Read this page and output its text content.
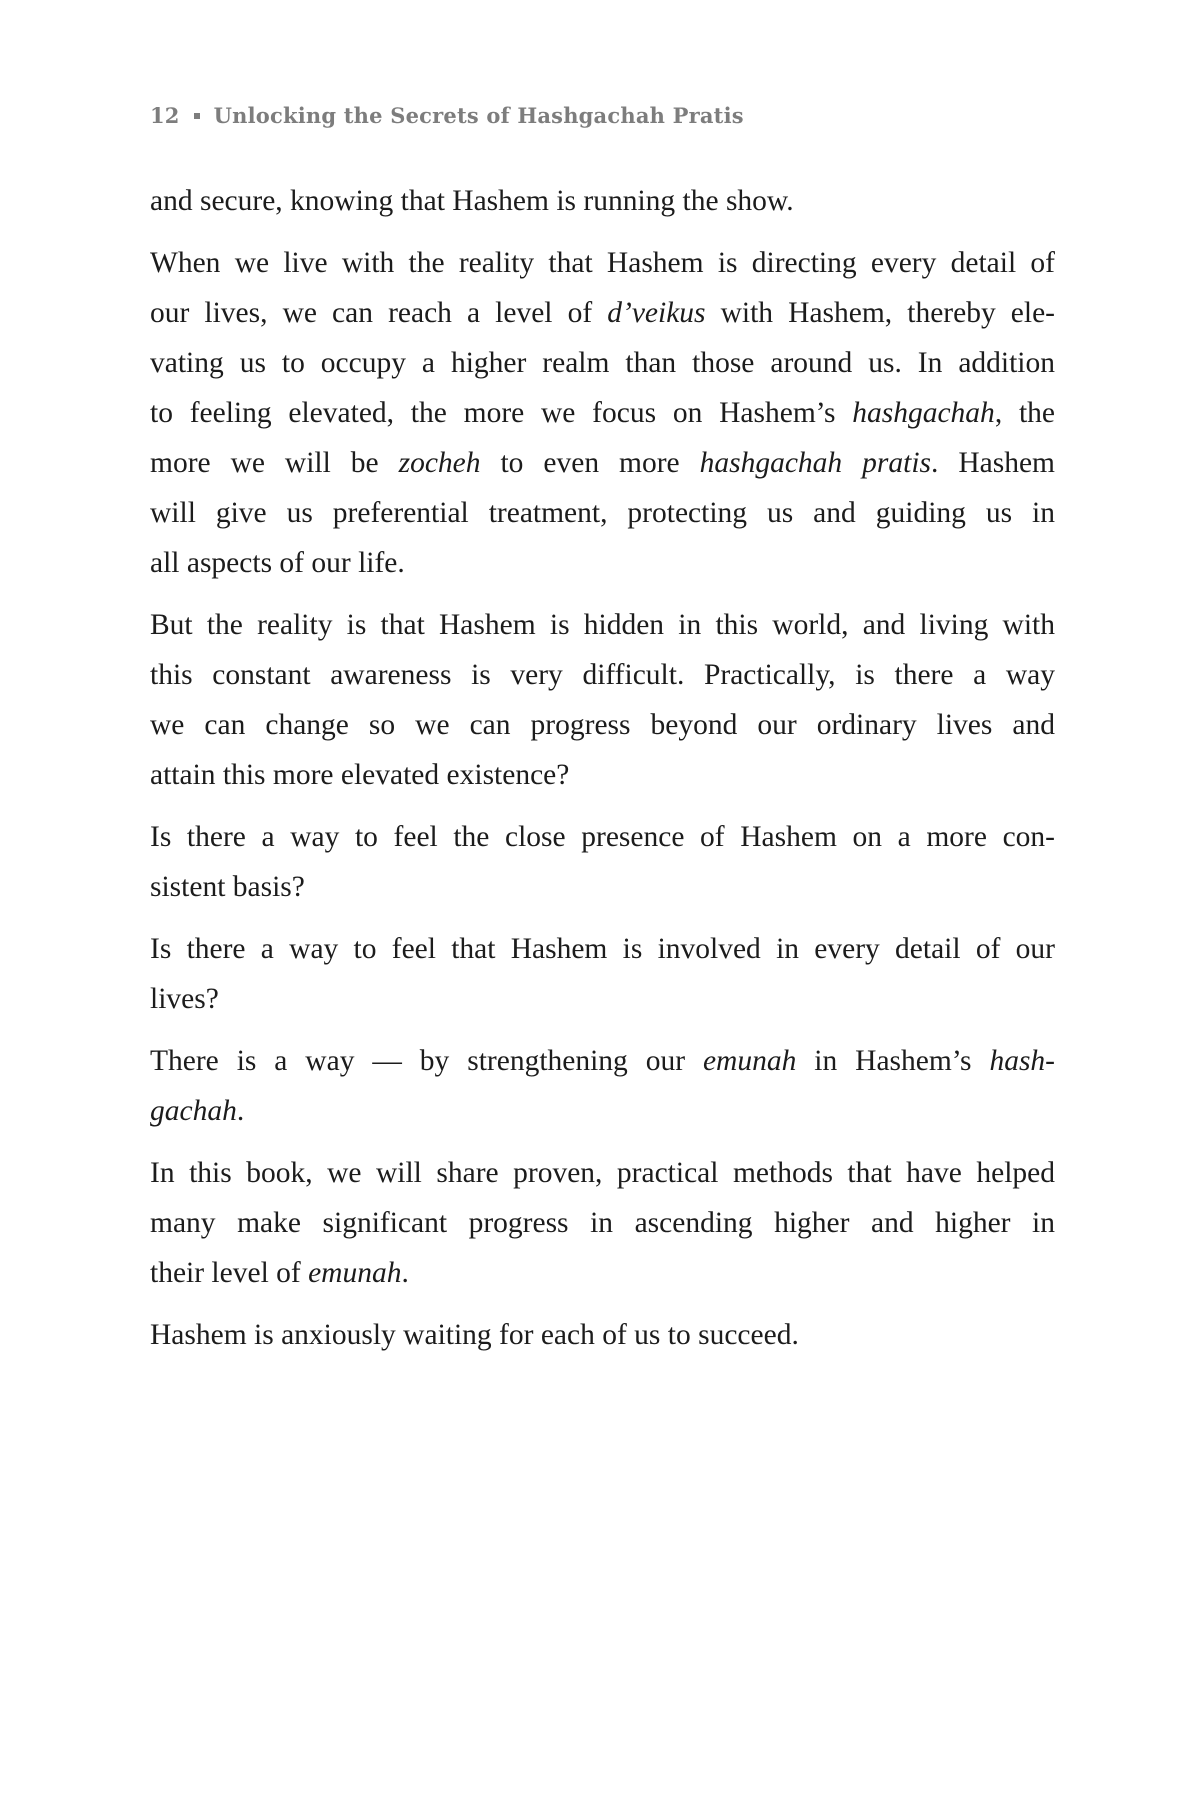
12 Unlocking the Secrets of Hashgachah Pratis

and secure, knowing that Hashem is running the show.

When we live with the reality that Hashem is directing every detail of
our lives, we can reach a level of d’veikus with Hashem, thereby ele-
vating us to occupy a higher realm than those around us. In addition
to feeling elevated, the more we focus on Hashem’s hashgachah, the
more we will be zocheh to even more hashgachah pratis. Hashem
will give us preferential treatment, protecting us and guiding us in
all aspects of our life.

But the reality is that Hashem is hidden in this world, and living with
this constant awareness is very difficult. Practically, is there a way
we can change so we can progress beyond our ordinary lives and
attain this more elevated existence?

Is there a way to feel the close presence of Hashem on a more con-
sistent basis?

Is there a way to feel that Hashem is involved in every detail of our
lives?

There is a way — by strengthening our emunah in Hashem’s hash-
gachah.

In this book, we will share proven, practical methods that have helped
many make significant progress in ascending higher and higher in
their level of emunah.

Hashem is anxiously waiting for each of us to succeed.
